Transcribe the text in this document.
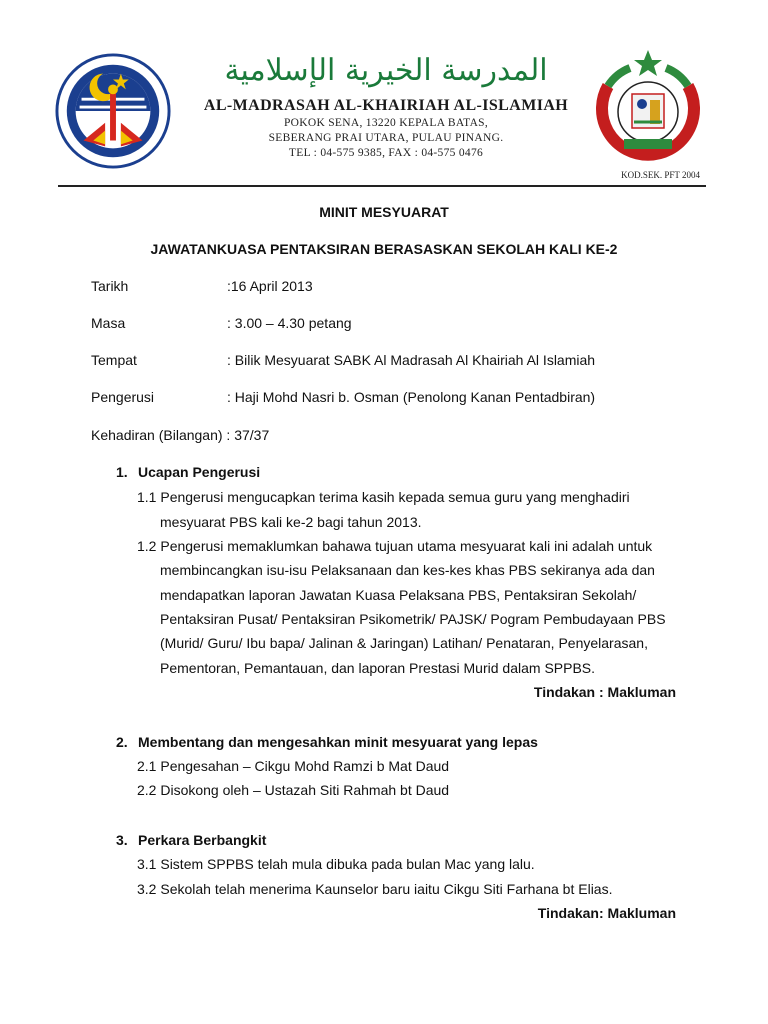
المدرسة الخيرية الإسلامية
AL-MADRASAH AL-KHAIRIAH AL-ISLAMIAH
POKOK SENA, 13220 KEPALA BATAS,
SEBERANG PRAI UTARA, PULAU PINANG.
TEL : 04-575 9385, FAX : 04-575 0476
KOD.SEK. PFT 2004
MINIT MESYUARAT
JAWATANKUASA PENTAKSIRAN BERASASKAN SEKOLAH KALI KE-2
Tarikh	:16 April 2013
Masa	: 3.00 – 4.30 petang
Tempat	: Bilik Mesyuarat SABK Al Madrasah Al Khairiah Al Islamiah
Pengerusi	: Haji Mohd Nasri b. Osman (Penolong Kanan Pentadbiran)
Kehadiran (Bilangan) : 37/37
1. Ucapan Pengerusi
1.1 Pengerusi mengucapkan terima kasih kepada semua guru yang menghadiri
mesyuarat PBS kali ke-2 bagi tahun 2013.
1.2 Pengerusi memaklumkan bahawa tujuan utama mesyuarat kali ini adalah untuk
membincangkan isu-isu Pelaksanaan dan kes-kes khas PBS sekiranya ada dan
mendapatkan laporan Jawatan Kuasa Pelaksana PBS, Pentaksiran Sekolah/
Pentaksiran Pusat/ Pentaksiran Psikometrik/ PAJSK/ Pogram Pembudayaan PBS
(Murid/ Guru/ Ibu bapa/ Jalinan & Jaringan) Latihan/ Penataran, Penyelarasan,
Pementoran, Pemantauan, dan laporan Prestasi Murid dalam SPPBS.
Tindakan : Makluman
2. Membentang dan mengesahkan minit mesyuarat yang lepas
2.1 Pengesahan – Cikgu Mohd Ramzi b Mat Daud
2.2 Disokong oleh – Ustazah Siti Rahmah bt Daud
3. Perkara Berbangkit
3.1 Sistem SPPBS telah mula dibuka pada bulan Mac yang lalu.
3.2 Sekolah telah menerima Kaunselor baru iaitu Cikgu Siti Farhana bt Elias.
Tindakan: Makluman
